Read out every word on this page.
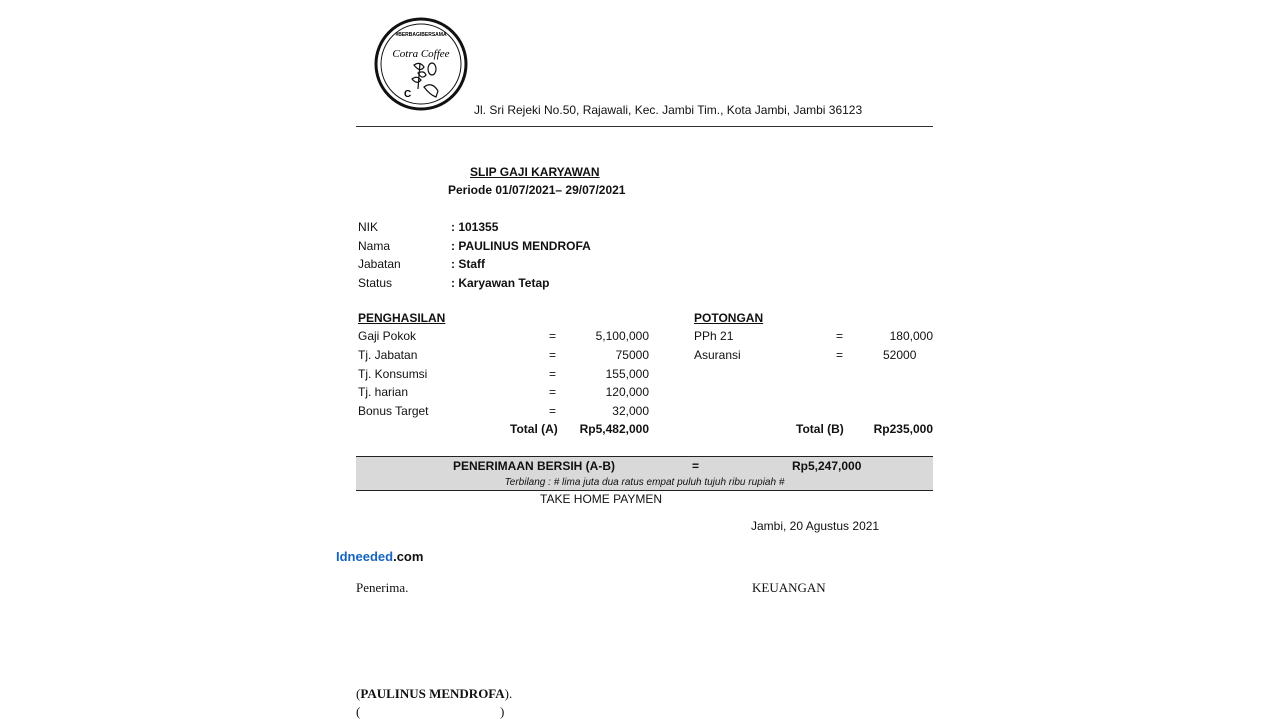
#BERBAGIBERSAMA
Cotra Coffee
C
Jl. Sri Rejeki No.50, Rajawali, Kec. Jambi Tim., Kota Jambi, Jambi 36123
SLIP GAJI KARYAWAN
Periode 01/07/2021– 29/07/2021
NIK	: 101355
Nama	: PAULINUS MENDROFA
Jabatan	: Staff
Status	: Karyawan Tetap
PENGHASILAN
Gaji Pokok	=	5,100,000
Tj. Jabatan	=	75000
Tj. Konsumsi	=	155,000
Tj. harian	=	120,000
Bonus Target	=	32,000
Total (A)	Rp5,482,000
POTONGAN
PPh 21	=	180,000
Asuransi	=	52000
Total (B)	Rp235,000
PENERIMAAN BERSIH (A-B)	=	Rp5,247,000
Terbilang : # lima juta dua ratus empat puluh tujuh ribu rupiah #
TAKE HOME PAYMEN
Jambi, 20 Agustus 2021
Idneeded.com
Penerima.	KEUANGAN
(PAULINUS MENDROFA).
(	)
